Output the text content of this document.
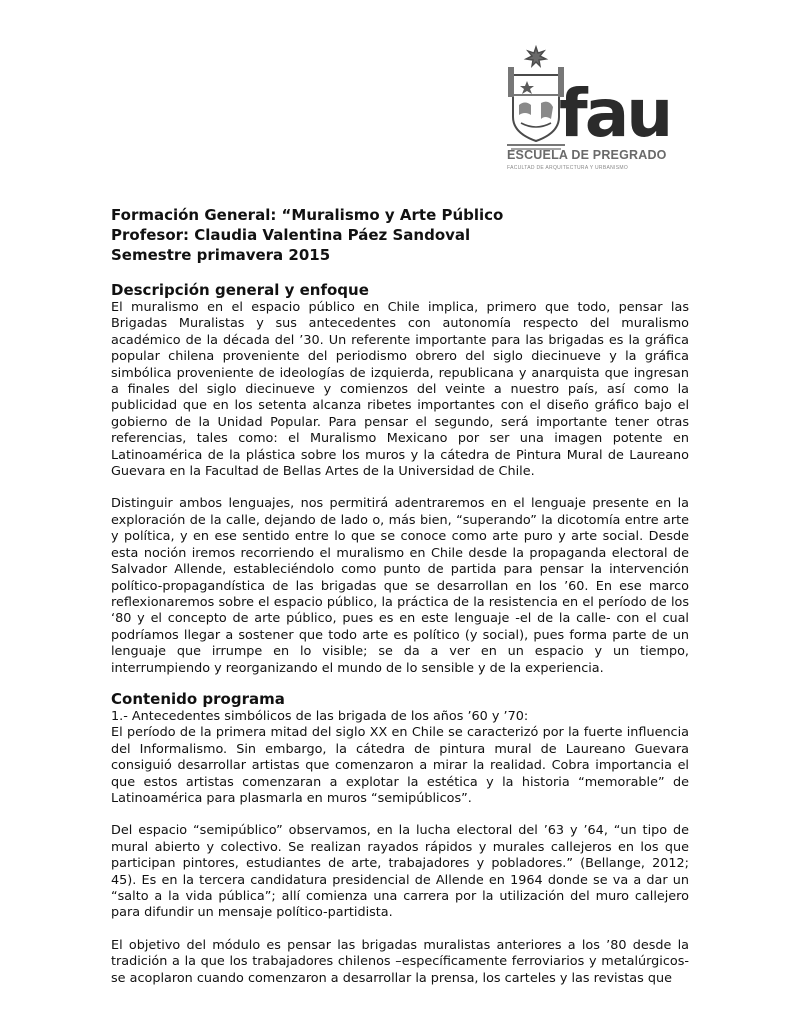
fau
ESCUELA DE PREGRADO
FACULTAD DE ARQUITECTURA Y URBANISMO
Formación General: “Muralismo y Arte Público
Profesor: Claudia Valentina Páez Sandoval
Semestre primavera 2015
Descripción general y enfoque

El muralismo en el espacio público en Chile implica, primero que todo, pensar las Brigadas Muralistas y sus antecedentes con autonomía respecto del muralismo académico de la década del ’30. Un referente importante para las brigadas es la gráfica popular chilena proveniente del periodismo obrero del siglo diecinueve y la gráfica simbólica proveniente de ideologías de izquierda, republicana y anarquista que ingresan a finales del siglo diecinueve y comienzos del veinte a nuestro país, así como la publicidad que en los setenta alcanza ribetes importantes con el diseño gráfico bajo el gobierno de la Unidad Popular. Para pensar el segundo, será importante tener otras referencias, tales como: el Muralismo Mexicano por ser una imagen potente en Latinoamérica de la plástica sobre los muros y la cátedra de Pintura Mural de Laureano Guevara en la Facultad de Bellas Artes de la Universidad de Chile.

Distinguir ambos lenguajes, nos permitirá adentraremos en el lenguaje presente en la exploración de la calle, dejando de lado o, más bien, “superando” la dicotomía entre arte y política, y en ese sentido entre lo que se conoce como arte puro y arte social. Desde esta noción iremos recorriendo el muralismo en Chile desde la propaganda electoral de Salvador Allende, estableciéndolo como punto de partida para pensar la intervención político-propagandística de las brigadas que se desarrollan en los ’60. En ese marco reflexionaremos sobre el espacio público, la práctica de la resistencia en el período de los ‘80 y el concepto de arte público, pues es en este lenguaje -el de la calle- con el cual podríamos llegar a sostener que todo arte es político (y social), pues forma parte de un lenguaje que irrumpe en lo visible; se da a ver en un espacio y un tiempo, interrumpiendo y reorganizando el mundo de lo sensible y de la experiencia.

Contenido programa

1.- Antecedentes simbólicos de las brigada de los años ’60 y ’70:

El período de la primera mitad del siglo XX en Chile se caracterizó por la fuerte influencia del Informalismo. Sin embargo, la cátedra de pintura mural de Laureano Guevara consiguió desarrollar artistas que comenzaron a mirar la realidad. Cobra importancia el que estos artistas comenzaran a explotar la estética y la historia “memorable” de Latinoamérica para plasmarla en muros “semipúblicos”.

Del espacio “semipúblico” observamos, en la lucha electoral del ’63 y ’64, “un tipo de mural abierto y colectivo. Se realizan rayados rápidos y murales callejeros en los que participan pintores, estudiantes de arte, trabajadores y pobladores.” (Bellange, 2012; 45). Es en la tercera candidatura presidencial de Allende en 1964 donde se va a dar un “salto a la vida pública”; allí comienza una carrera por la utilización del muro callejero para difundir un mensaje político-partidista.

El objetivo del módulo es pensar las brigadas muralistas anteriores a los ’80 desde la tradición a la que los trabajadores chilenos –específicamente ferroviarios y metalúrgicos- se acoplaron cuando comenzaron a desarrollar la prensa, los carteles y las revistas que
